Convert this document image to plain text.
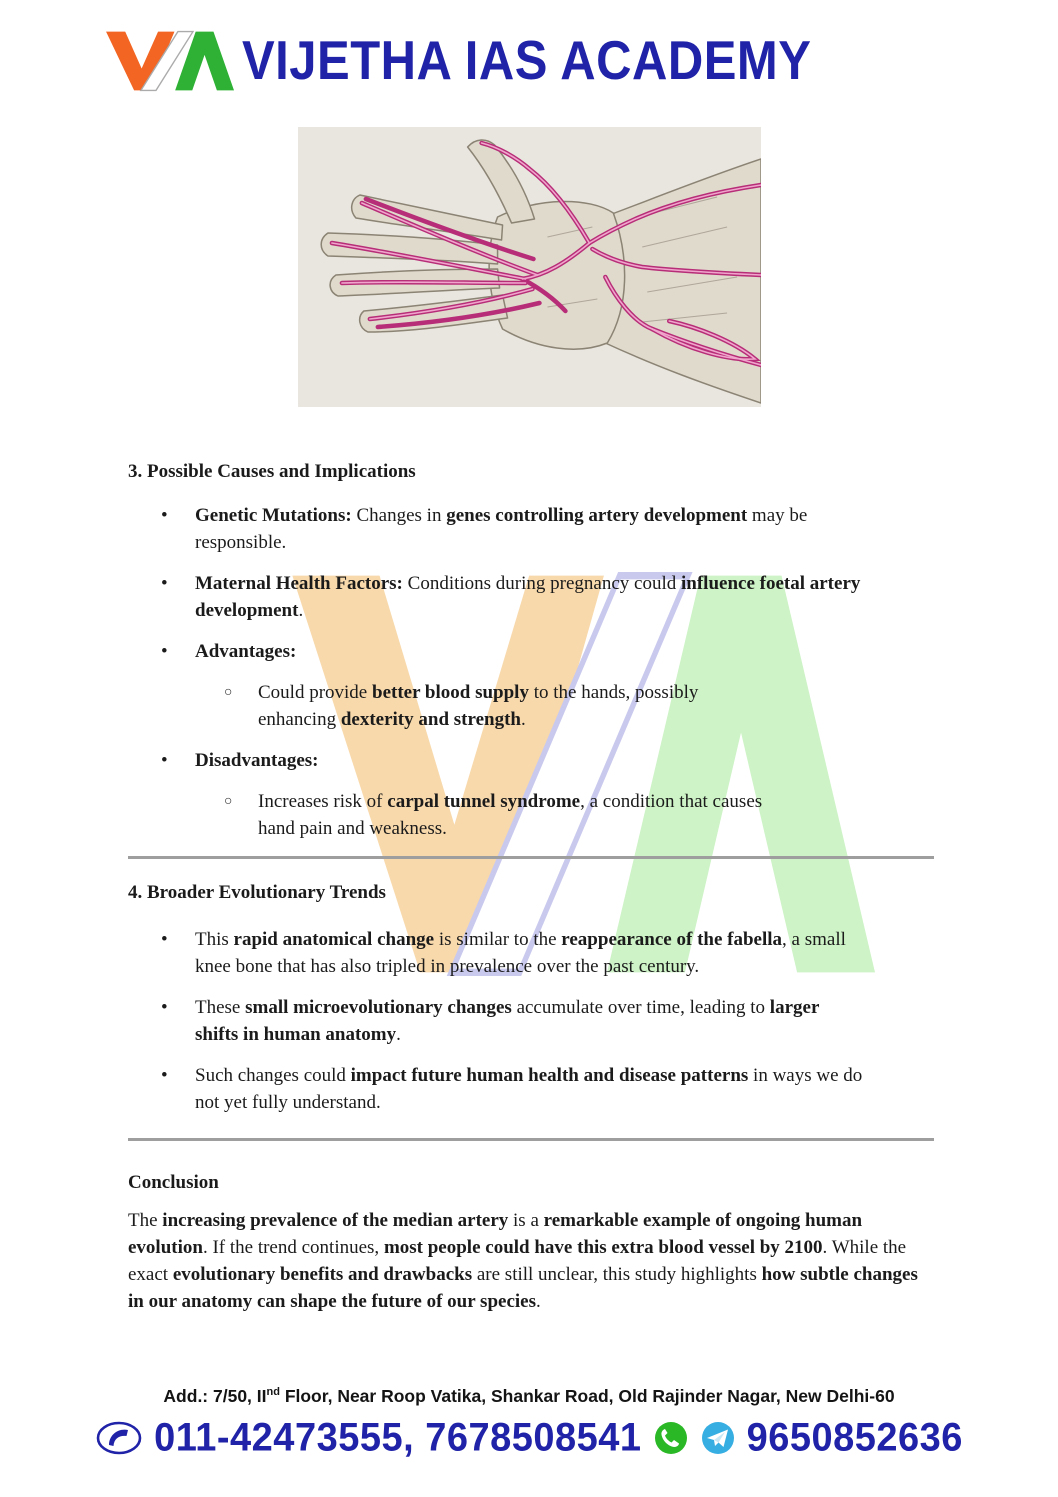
VIJETHA IAS ACADEMY
3. Possible Causes and Implications
• Genetic Mutations: Changes in genes controlling artery development may be responsible.
• Maternal Health Factors: Conditions during pregnancy could influence foetal artery development.
• Advantages:
○ Could provide better blood supply to the hands, possibly enhancing dexterity and strength.
• Disadvantages:
○ Increases risk of carpal tunnel syndrome, a condition that causes hand pain and weakness.
4. Broader Evolutionary Trends
• This rapid anatomical change is similar to the reappearance of the fabella, a small knee bone that has also tripled in prevalence over the past century.
• These small microevolutionary changes accumulate over time, leading to larger shifts in human anatomy.
• Such changes could impact future human health and disease patterns in ways we do not yet fully understand.
Conclusion

The increasing prevalence of the median artery is a remarkable example of ongoing human evolution. If the trend continues, most people could have this extra blood vessel by 2100. While the exact evolutionary benefits and drawbacks are still unclear, this study highlights how subtle changes in our anatomy can shape the future of our species.

Add.: 7/50, IInd Floor, Near Roop Vatika, Shankar Road, Old Rajinder Nagar, New Delhi-60
011-42473555, 7678508541	9650852636
